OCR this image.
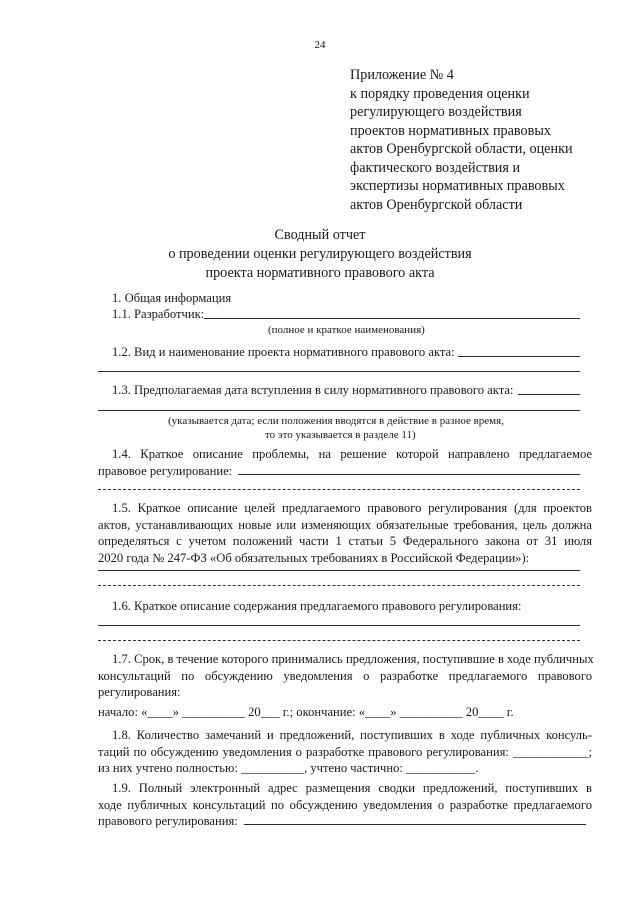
24
Приложение № 4
к порядку проведения оценки
регулирующего воздействия
проектов нормативных правовых
актов Оренбургской области, оценки
фактического воздействия и
экспертизы нормативных правовых
актов Оренбургской области
Сводный отчет
о проведении оценки регулирующего воздействия
проекта нормативного правового акта
1. Общая информация
1.1. Разработчик:
(полное и краткое наименования)
1.2. Вид и наименование проекта нормативного правового акта:
1.3. Предполагаемая дата вступления в силу нормативного правового акта:
(указывается дата; если положения вводятся в действие в разное время,
то это указывается в разделе 11)
1.4. Краткое описание проблемы, на решение которой направлено предлагаемое
правовое регулирование:
1.5. Краткое описание целей предлагаемого правового регулирования (для проектов
актов, устанавливающих новые или изменяющих обязательные требования, цель должна
определяться с учетом положений части 1 статьи 5 Федерального закона от 31 июля
2020 года № 247-ФЗ «Об обязательных требованиях в Российской Федерации»):
1.6. Краткое описание содержания предлагаемого правового регулирования:
1.7. Срок, в течение которого принимались предложения, поступившие в ходе публичных
консультаций по обсуждению уведомления о разработке предлагаемого правового
регулирования:
начало: «____» __________ 20___ г.; окончание: «____» __________ 20____ г.
1.8. Количество замечаний и предложений, поступивших в ходе публичных консуль-
таций по обсуждению уведомления о разработке правового регулирования: ____________;
из них учтено полностью: __________, учтено частично: ___________.
1.9. Полный электронный адрес размещения сводки предложений, поступивших в
ходе публичных консультаций по обсуждению уведомления о разработке предлагаемого
правового регулирования:
